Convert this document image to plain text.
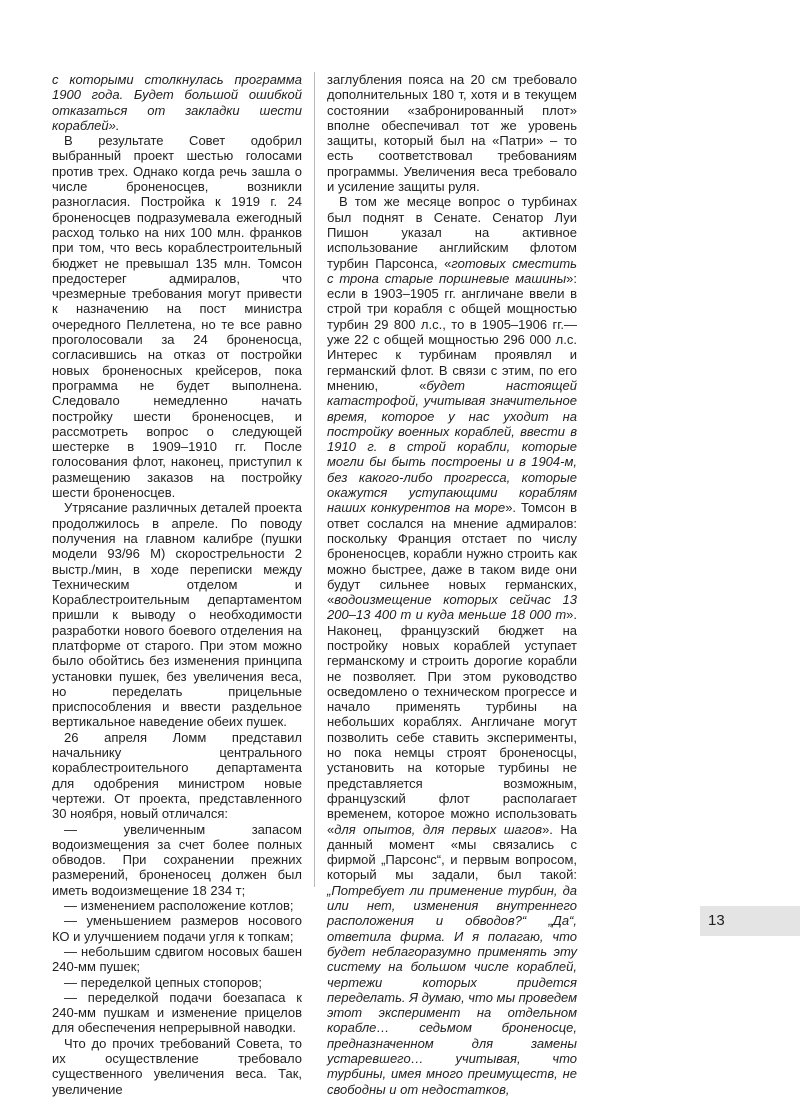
с которыми столкнулась программа 1900 года. Будет большой ошибкой отказаться от закладки шести кораблей».

В результате Совет одобрил выбранный проект шестью голосами против трех. Однако когда речь зашла о числе броненосцев, возникли разногласия. Постройка к 1919 г. 24 броненосцев подразумевала ежегодный расход только на них 100 млн. франков при том, что весь кораблестроительный бюджет не превышал 135 млн. Томсон предостерег адмиралов, что чрезмерные требования могут привести к назначению на пост министра очередного Пеллетена, но те все равно проголосовали за 24 броненосца, согласившись на отказ от постройки новых броненосных крейсеров, пока программа не будет выполнена. Следовало немедленно начать постройку шести броненосцев, и рассмотреть вопрос о следующей шестерке в 1909–1910 гг. После голосования флот, наконец, приступил к размещению заказов на постройку шести броненосцев.

Утрясание различных деталей проекта продолжилось в апреле. По поводу получения на главном калибре (пушки модели 93/96 М) скорострельности 2 выстр./мин, в ходе переписки между Техническим отделом и Кораблестроительным департаментом пришли к выводу о необходимости разработки нового боевого отделения на платформе от старого. При этом можно было обойтись без изменения принципа установки пушек, без увеличения веса, но переделать прицельные приспособления и ввести раздельное вертикальное наведение обеих пушек.

26 апреля Ломм представил начальнику центрального кораблестроительного департамента для одобрения министром новые чертежи. От проекта, представленного 30 ноября, новый отличался:

— увеличенным запасом водоизмещения за счет более полных обводов. При сохранении прежних размерений, броненосец должен был иметь водоизмещение 18 234 т;

— изменением расположение котлов;

— уменьшением размеров носового КО и улучшением подачи угля к топкам;

— небольшим сдвигом носовых башен 240-мм пушек;

— переделкой цепных стопоров;

— переделкой подачи боезапаса к 240-мм пушкам и изменение прицелов для обеспечения непрерывной наводки.

Что до прочих требований Совета, то их осуществление требовало существенного увеличения веса. Так, увеличение

заглубления пояса на 20 см требовало дополнительных 180 т, хотя и в текущем состоянии «забронированный плот» вполне обеспечивал тот же уровень защиты, который был на «Патри» – то есть соответствовал требованиям программы. Увеличения веса требовало и усиление защиты руля.

В том же месяце вопрос о турбинах был поднят в Сенате. Сенатор Луи Пишон указал на активное использование английским флотом турбин Парсонса, «готовых сместить с трона старые поршневые машины»: если в 1903–1905 гг. англичане ввели в строй три корабля с общей мощностью турбин 29 800 л.с., то в 1905–1906 гг.— уже 22 с общей мощностью 296 000 л.с. Интерес к турбинам проявлял и германский флот. В связи с этим, по его мнению, «будет настоящей катастрофой, учитывая значительное время, которое у нас уходит на постройку военных кораблей, ввести в 1910 г. в строй корабли, которые могли бы быть построены и в 1904-м, без какого-либо прогресса, которые окажутся уступающими кораблям наших конкурентов на море». Томсон в ответ сослался на мнение адмиралов: поскольку Франция отстает по числу броненосцев, корабли нужно строить как можно быстрее, даже в таком виде они будут сильнее новых германских, «водоизмещение которых сейчас 13 200–13 400 т и куда меньше 18 000 т». Наконец, французский бюджет на постройку новых кораблей уступает германскому и строить дорогие корабли не позволяет. При этом руководство осведомлено о техническом прогрессе и начало применять турбины на небольших кораблях. Англичане могут позволить себе ставить эксперименты, но пока немцы строят броненосцы, установить на которые турбины не представляется возможным, французский флот располагает временем, которое можно использовать «для опытов, для первых шагов». На данный момент «мы связались с фирмой „Парсонс“, и первым вопросом, который мы задали, был такой: „Потребует ли применение турбин, да или нет, изменения внутреннего расположения и обводов?“ „Да“, ответила фирма. И я полагаю, что будет неблагоразумно применять эту систему на большом числе кораблей, чертежи которых придется переделать. Я думаю, что мы проведем этот эксперимент на отдельном корабле… седьмом броненосце, предназначенном для замены устаревшего… учитывая, что турбины, имея много преимуществ, не свободны и от недостатков,

13
